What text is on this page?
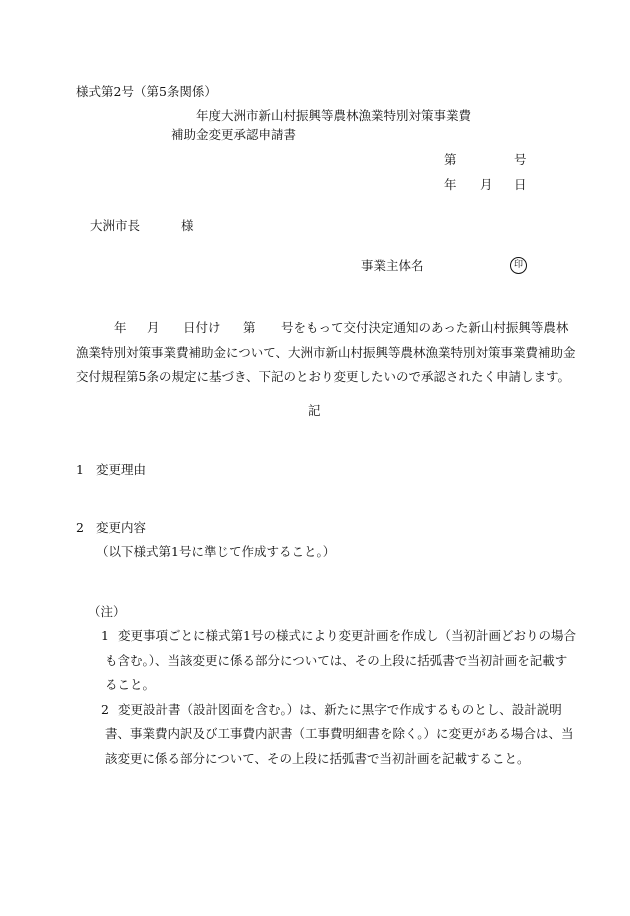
様式第2号（第5条関係）
年度大洲市新山村振興等農林漁業特別対策事業費
補助金変更承認申請書
第	号
年 月 日
大洲市長	様
事業主体名	印
年 月 日付け 第 号をもって交付決定通知のあった新山村振興等農林
漁業特別対策事業費補助金について、大洲市新山村振興等農林漁業特別対策事業費補助金
交付規程第5条の規定に基づき、下記のとおり変更したいので承認されたく申請します。
記
1 変更理由
2 変更内容
（以下様式第1号に準じて作成すること。）
（注）
1 変更事項ごとに様式第1号の様式により変更計画を作成し（当初計画どおりの場合
も含む。）、当該変更に係る部分については、その上段に括弧書で当初計画を記載す
ること。
2 変更設計書（設計図面を含む。）は、新たに黒字で作成するものとし、設計説明
書、事業費内訳及び工事費内訳書（工事費明細書を除く。）に変更がある場合は、当
該変更に係る部分について、その上段に括弧書で当初計画を記載すること。
